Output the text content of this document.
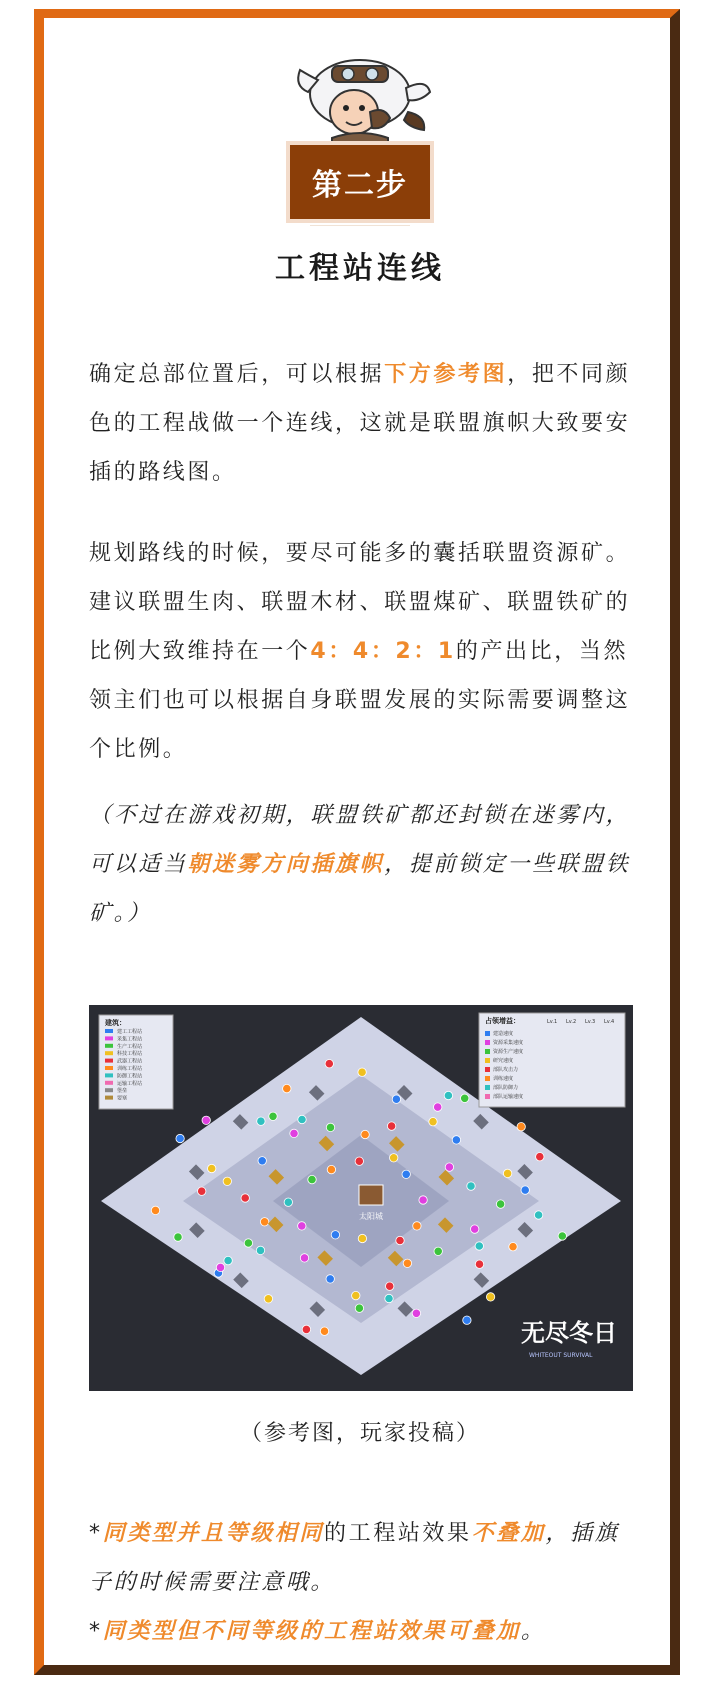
第二步
工程站连线

确定总部位置后，可以根据下方参考图，把不同颜色的工程战做一个连线，这就是联盟旗帜大致要安插的路线图。

规划路线的时候，要尽可能多的囊括联盟资源矿。建议联盟生肉、联盟木材、联盟煤矿、联盟铁矿的比例大致维持在一个4：4：2：1的产出比，当然领主们也可以根据自身联盟发展的实际需要调整这个比例。

（不过在游戏初期，联盟铁矿都还封锁在迷雾内，可以适当朝迷雾方向插旗帜，提前锁定一些联盟铁矿。）

太阳城
建筑：
建工工程站
采集工程站
生产工程站
科技工程站
武器工程站
训练工程站
防御工程站
运输工程站
堡垒
要塞
占领增益：	Lv.1 Lv.2 Lv.3 Lv.4
建造速度
资源采集速度
资源生产速度
研究速度
部队攻击力
训练速度
部队防御力
部队运输速度
无尽冬日
WHITEOUT SURVIVAL
（参考图，玩家投稿）

*同类型并且等级相同的工程站效果不叠加，插旗子的时候需要注意哦。

*同类型但不同等级的工程站效果可叠加。
